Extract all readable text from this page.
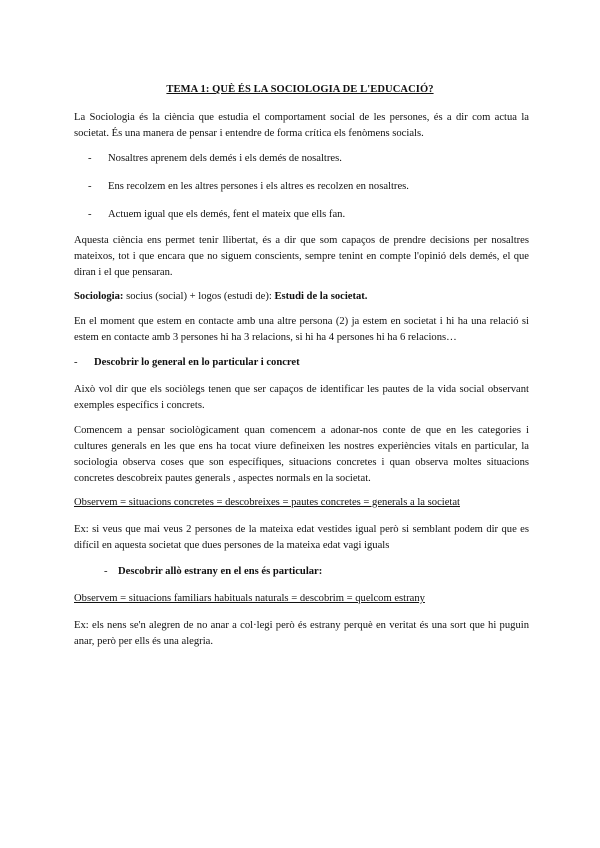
TEMA 1: QUÈ ÉS LA SOCIOLOGIA DE L'EDUCACIÓ?

La Sociologia és la ciència que estudia el comportament social de les persones, és a dir com actua la societat. És una manera de pensar i entendre de forma crítica els fenòmens socials.

- Nosaltres aprenem dels demés i els demés de nosaltres.
- Ens recolzem en les altres persones i els altres es recolzen en nosaltres.
- Actuem igual que els demés, fent el mateix que ells fan.

Aquesta ciència ens permet tenir llibertat, és a dir que som capaços de prendre decisions per nosaltres mateixos, tot i que encara que no siguem conscients, sempre tenint en compte l'opinió dels demés, el que diran i el que pensaran.

Sociologia: socius (social) + logos (estudi de): Estudi de la societat.

En el moment que estem en contacte amb una altre persona (2) ja estem en societat i hi ha una relació si estem en contacte amb 3 persones hi ha 3 relacions, si hi ha 4 persones hi ha 6 relacions…

- Descobrir lo general en lo particular i concret

Això vol dir que els sociòlegs tenen que ser capaços de identificar les pautes de la vida social observant exemples específics i concrets.

Comencem a pensar sociològicament quan comencem a adonar-nos conte de que en les categories i cultures generals en les que ens ha tocat viure defineixen les nostres experiències vitals en particular, la sociologia observa coses que son específiques, situacions concretes i quan observa moltes situacions concretes descobreix pautes generals , aspectes normals en la societat.

Observem = situacions concretes = descobreixes = pautes concretes = generals a la societat

Ex: si veus que mai veus 2 persones de la mateixa edat vestides igual però si semblant podem dir que es difícil en aquesta societat que dues persones de la mateixa edat vagi iguals

- Descobrir allò estrany en el ens és particular:

Observem = situacions familiars habituals naturals = descobrim = quelcom estrany

Ex: els nens se'n alegren de no anar a col·legi però és estrany perquè en veritat és una sort que hi puguin anar, però per ells és una alegria.
